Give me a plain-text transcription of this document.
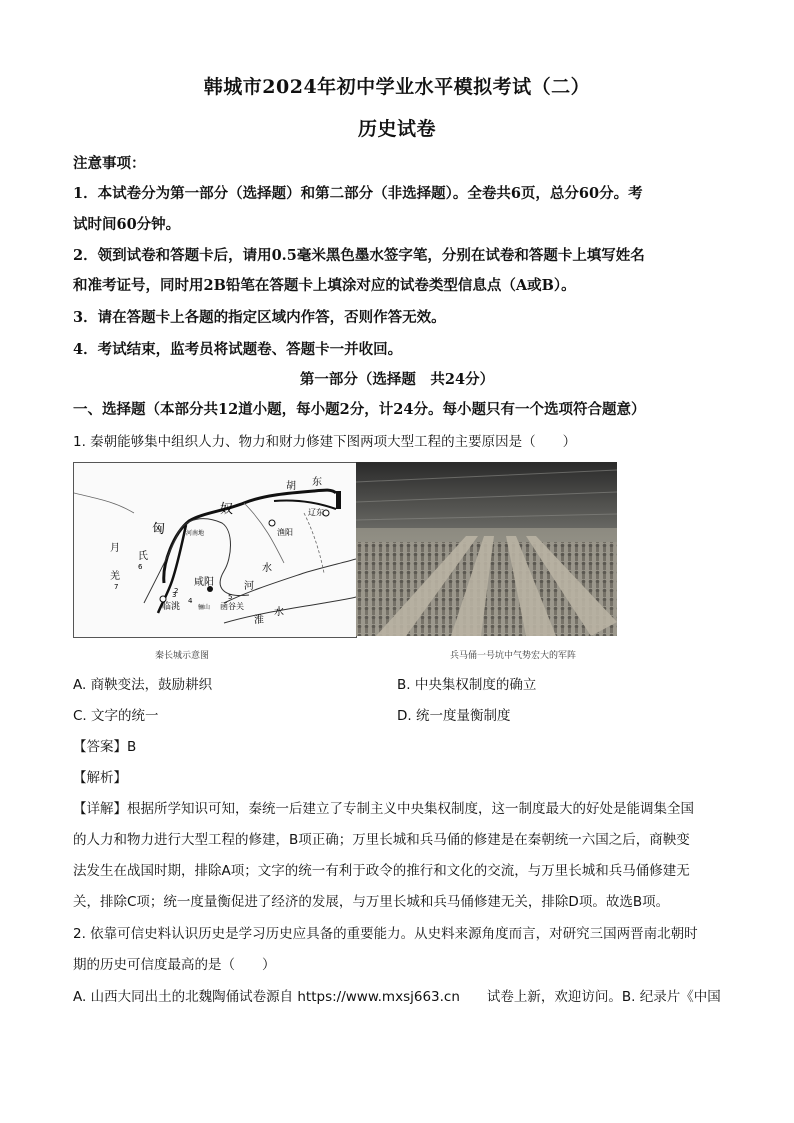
韩城市2024年初中学业水平模拟考试（二）
历史试卷
注意事项：
1．本试卷分为第一部分（选择题）和第二部分（非选择题）。全卷共6页，总分60分。考
试时间60分钟。
2．领到试卷和答题卡后，请用0.5毫米黑色墨水签字笔，分别在试卷和答题卡上填写姓名
和准考证号，同时用2B铅笔在答题卡上填涂对应的试卷类型信息点（A或B）。
3．请在答题卡上各题的指定区域内作答，否则作答无效。
4．考试结束，监考员将试题卷、答题卡一并收回。
第一部分（选择题　共24分）
一、选择题（本部分共12道小题，每小题2分，计24分。每小题只有一个选项符合题意）
1. 秦朝能够集中组织人力、物力和财力修建下图两项大型工程的主要原因是（　　）
胡 东
奴
匈
月
氏
羌
河南地	渔阳
辽东
咸阳
临洮	骊山 函谷关
河
水
淮
水
2
3	5
6
7
4
秦长城示意图	兵马俑一号坑中气势宏大的军阵
A. 商鞅变法，鼓励耕织	B. 中央集权制度的确立
C. 文字的统一	D. 统一度量衡制度
【答案】B
【解析】
【详解】根据所学知识可知，秦统一后建立了专制主义中央集权制度，这一制度最大的好处是能调集全国
的人力和物力进行大型工程的修建，B项正确；万里长城和兵马俑的修建是在秦朝统一六国之后，商鞅变
法发生在战国时期，排除A项；文字的统一有利于政令的推行和文化的交流，与万里长城和兵马俑修建无
关，排除C项；统一度量衡促进了经济的发展，与万里长城和兵马俑修建无关，排除D项。故选B项。
2. 依靠可信史料认识历史是学习历史应具备的重要能力。从史料来源角度而言，对研究三国两晋南北朝时
期的历史可信度最高的是（　　）
A. 山西大同出土的北魏陶俑试卷源自 https://www.mxsj663.cn　　试卷上新，欢迎访问。B. 纪录片《中国
